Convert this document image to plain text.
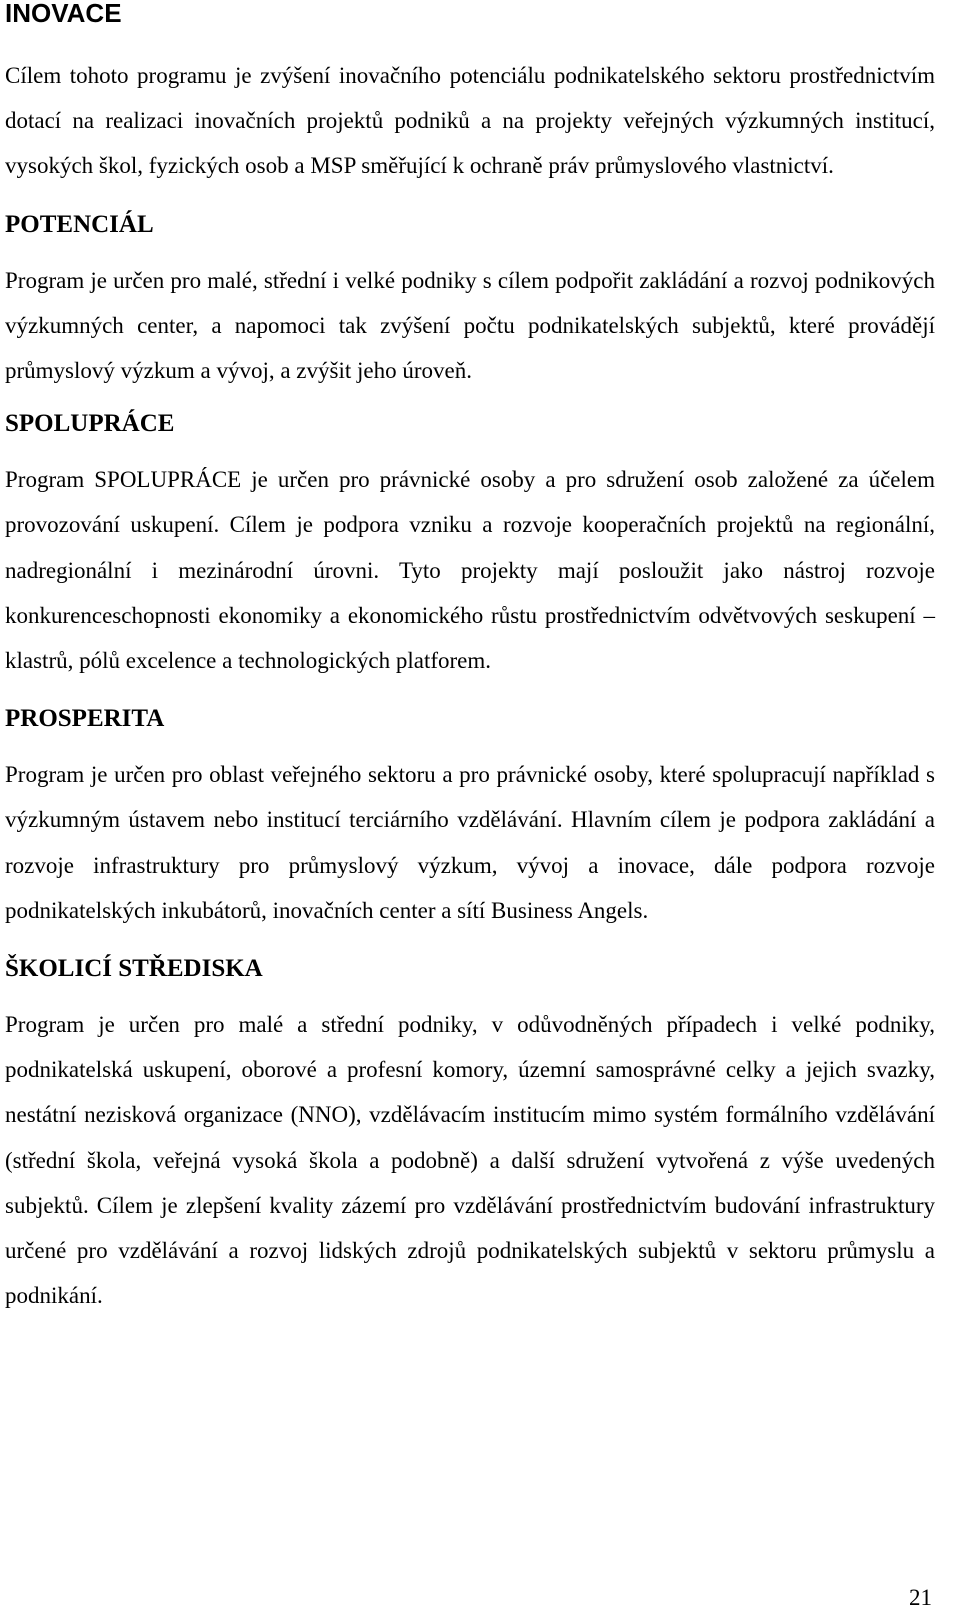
INOVACE

Cílem tohoto programu je zvýšení inovačního potenciálu podnikatelského sektoru prostřednictvím dotací na realizaci inovačních projektů podniků a na projekty veřejných výzkumných institucí, vysokých škol, fyzických osob a MSP směřující k ochraně práv průmyslového vlastnictví.

POTENCIÁL

Program je určen pro malé, střední i velké podniky s cílem podpořit zakládání a rozvoj podnikových výzkumných center, a napomoci tak zvýšení počtu podnikatelských subjektů, které provádějí průmyslový výzkum a vývoj, a zvýšit jeho úroveň.

SPOLUPRÁCE

Program SPOLUPRÁCE je určen pro právnické osoby a pro sdružení osob založené za účelem provozování uskupení. Cílem je podpora vzniku a rozvoje kooperačních projektů na regionální, nadregionální i mezinárodní úrovni. Tyto projekty mají posloužit jako nástroj rozvoje konkurenceschopnosti ekonomiky a ekonomického růstu prostřednictvím odvětvových seskupení – klastrů, pólů excelence a technologických platforem.

PROSPERITA

Program je určen pro oblast veřejného sektoru a pro právnické osoby, které spolupracují například s výzkumným ústavem nebo institucí terciárního vzdělávání. Hlavním cílem je podpora zakládání a rozvoje infrastruktury pro průmyslový výzkum, vývoj a inovace, dále podpora rozvoje podnikatelských inkubátorů, inovačních center a sítí Business Angels.

ŠKOLICÍ STŘEDISKA

Program je určen pro malé a střední podniky, v odůvodněných případech i velké podniky, podnikatelská uskupení, oborové a profesní komory, územní samosprávné celky a jejich svazky, nestátní nezisková organizace (NNO), vzdělávacím institucím mimo systém formálního vzdělávání (střední škola, veřejná vysoká škola a podobně) a další sdružení vytvořená z výše uvedených subjektů. Cílem je zlepšení kvality zázemí pro vzdělávání prostřednictvím budování infrastruktury určené pro vzdělávání a rozvoj lidských zdrojů podnikatelských subjektů v sektoru průmyslu a podnikání.

21
